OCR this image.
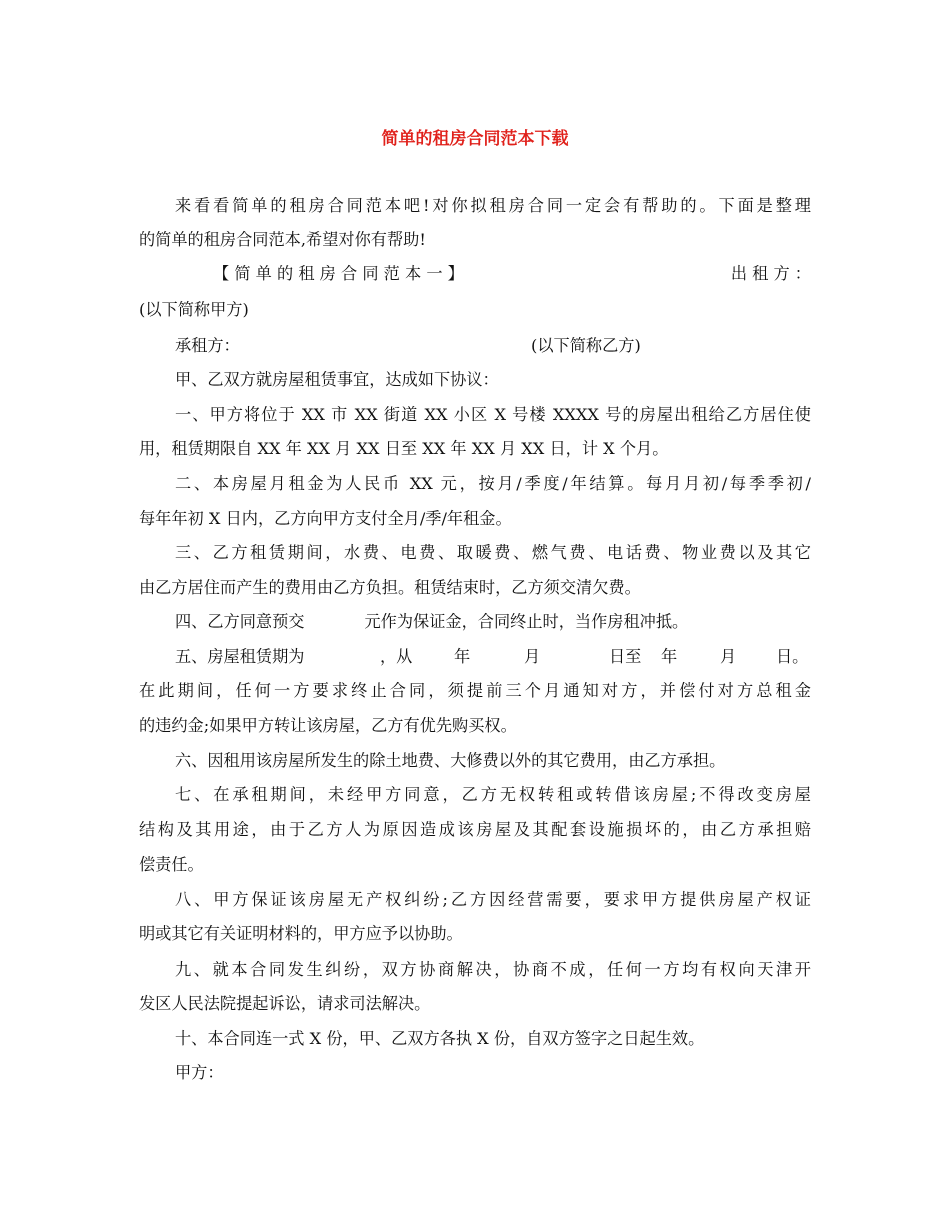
简单的租房合同范本下载
来看看简单的租房合同范本吧!对你拟租房合同一定会有帮助的。下面是整理
的简单的租房合同范本,希望对你有帮助!
【 简 单 的 租 房 合 同 范 本 一 】	出 租 方 ：
(以下简称甲方)
承租方：	(以下简称乙方)
甲、乙双方就房屋租赁事宜，达成如下协议：
一、甲方将位于 XX 市 XX 街道 XX 小区 X 号楼 XXXX 号的房屋出租给乙方居住使
用，租赁期限自 XX 年 XX 月 XX 日至 XX 年 XX 月 XX 日，计 X 个月。
二、本房屋月租金为人民币 XX 元，按月/季度/年结算。每月月初/每季季初/
每年年初 X 日内，乙方向甲方支付全月/季/年租金。
三、乙方租赁期间，水费、电费、取暖费、燃气费、电话费、物业费以及其它
由乙方居住而产生的费用由乙方负担。租赁结束时，乙方须交清欠费。
四、乙方同意预交	元作为保证金，合同终止时，当作房租冲抵。
五、房屋租赁期为	，从	年	月	日至 年	月 日。
在此期间，任何一方要求终止合同，须提前三个月通知对方，并偿付对方总租金
的违约金;如果甲方转让该房屋，乙方有优先购买权。
六、因租用该房屋所发生的除土地费、大修费以外的其它费用，由乙方承担。
七、在承租期间，未经甲方同意，乙方无权转租或转借该房屋;不得改变房屋
结构及其用途，由于乙方人为原因造成该房屋及其配套设施损坏的，由乙方承担赔
偿责任。
八、甲方保证该房屋无产权纠纷;乙方因经营需要，要求甲方提供房屋产权证
明或其它有关证明材料的，甲方应予以协助。
九、就本合同发生纠纷，双方协商解决，协商不成，任何一方均有权向天津开
发区人民法院提起诉讼，请求司法解决。
十、本合同连一式 X 份，甲、乙双方各执 X 份，自双方签字之日起生效。
甲方：
